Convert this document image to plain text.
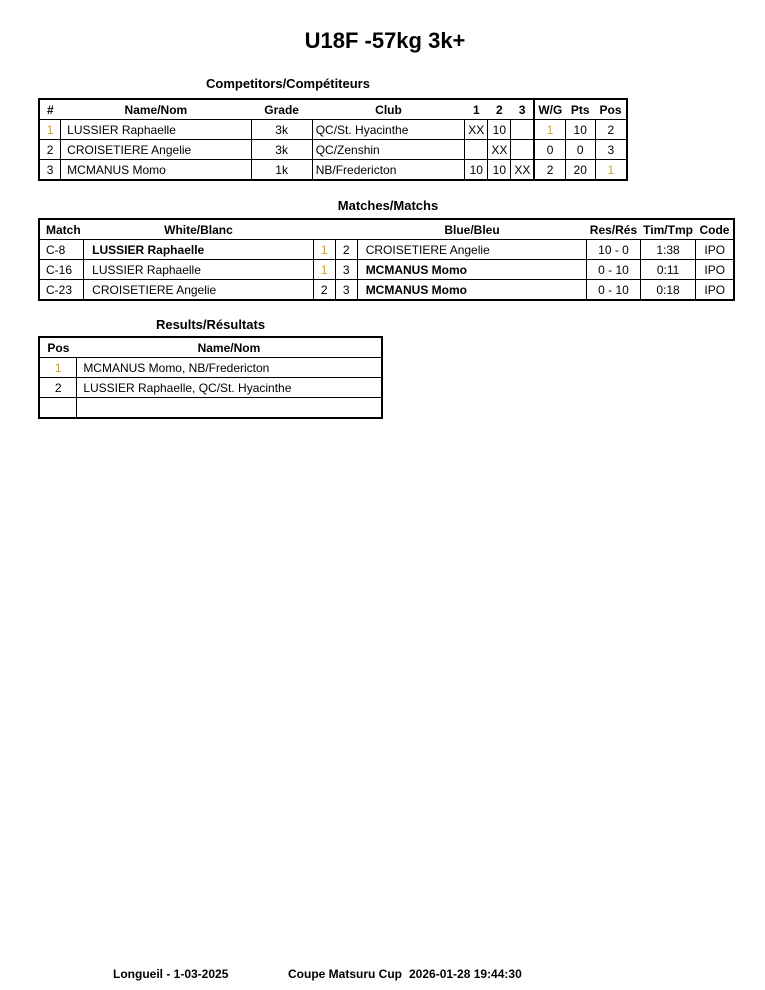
U18F -57kg 3k+
Competitors/Compétiteurs
#	Name/Nom	Grade	Club	1	2	3	W/G	Pts	Pos
1	LUSSIER Raphaelle	3k	QC/St. Hyacinthe	XX	10		1	10	2
2	CROISETIERE Angelie	3k	QC/Zenshin		XX		0	0	3
3	MCMANUS Momo	1k	NB/Fredericton	10	10	XX	2	20	1
Matches/Matchs
Match	White/Blanc			Blue/Bleu	Res/Rés	Tim/Tmp	Code
C-8	LUSSIER Raphaelle	1	2	CROISETIERE Angelie	10 - 0	1:38	IPO
C-16	LUSSIER Raphaelle	1	3	MCMANUS Momo	0 - 10	0:11	IPO
C-23	CROISETIERE Angelie	2	3	MCMANUS Momo	0 - 10	0:18	IPO
Results/Résultats
Pos	Name/Nom
1	MCMANUS Momo, NB/Fredericton
2	LUSSIER Raphaelle, QC/St. Hyacinthe

Longueil - 1-03-2025	Coupe Matsuru Cup 2026-01-28 19:44:30
